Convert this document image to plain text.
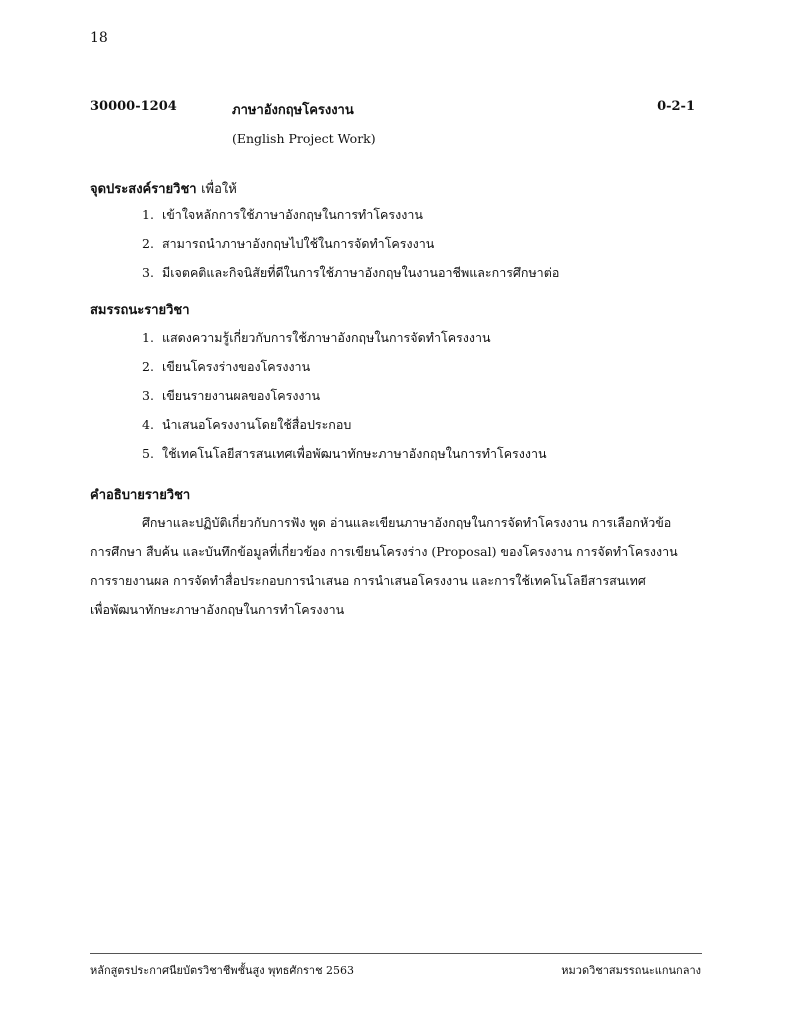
18
30000-1204	ภาษาอังกฤษโครงงาน	0-2-1
(English Project Work)
จุดประสงค์รายวิชา เพื่อให้
1. เข้าใจหลักการใช้ภาษาอังกฤษในการทำโครงงาน
2. สามารถนำภาษาอังกฤษไปใช้ในการจัดทำโครงงาน
3. มีเจตคติและกิจนิสัยที่ดีในการใช้ภาษาอังกฤษในงานอาชีพและการศึกษาต่อ
สมรรถนะรายวิชา
1. แสดงความรู้เกี่ยวกับการใช้ภาษาอังกฤษในการจัดทำโครงงาน
2. เขียนโครงร่างของโครงงาน
3. เขียนรายงานผลของโครงงาน
4. นำเสนอโครงงานโดยใช้สื่อประกอบ
5. ใช้เทคโนโลยีสารสนเทศเพื่อพัฒนาทักษะภาษาอังกฤษในการทำโครงงาน
คำอธิบายรายวิชา
ศึกษาและปฏิบัติเกี่ยวกับการฟัง พูด อ่านและเขียนภาษาอังกฤษในการจัดทำโครงงาน การเลือกหัวข้อ
การศึกษา สืบค้น และบันทึกข้อมูลที่เกี่ยวข้อง การเขียนโครงร่าง (Proposal) ของโครงงาน การจัดทำโครงงาน
การรายงานผล การจัดทำสื่อประกอบการนำเสนอ การนำเสนอโครงงาน และการใช้เทคโนโลยีสารสนเทศ
เพื่อพัฒนาทักษะภาษาอังกฤษในการทำโครงงาน
หลักสูตรประกาศนียบัตรวิชาชีพชั้นสูง พุทธศักราช 2563	หมวดวิชาสมรรถนะแกนกลาง
